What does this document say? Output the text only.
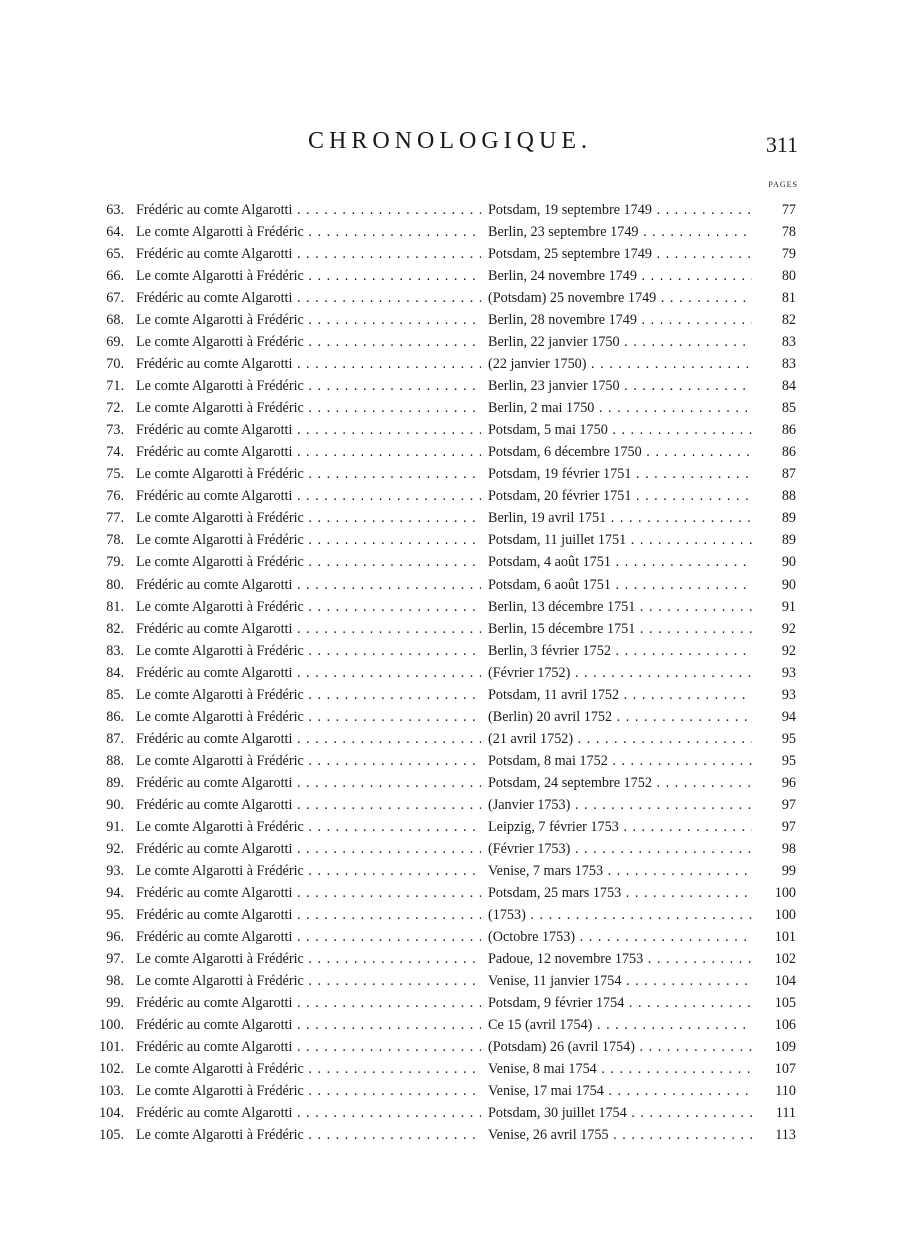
CHRONOLOGIQUE.	311
PAGES
63. Frédéric au comte Algarotti . . .	Potsdam, 19 septembre 1749 . . .	77
64. Le comte Algarotti à Frédéric . . .	Berlin, 23 septembre 1749 . . .	78
65. Frédéric au comte Algarotti . . .	Potsdam, 25 septembre 1749 . . .	79
66. Le comte Algarotti à Frédéric . . .	Berlin, 24 novembre 1749 . . .	80
67. Frédéric au comte Algarotti . . .	(Potsdam) 25 novembre 1749 . . .	81
68. Le comte Algarotti à Frédéric . . .	Berlin, 28 novembre 1749 . . .	82
69. Le comte Algarotti à Frédéric . . .	Berlin, 22 janvier 1750 . . .	83
70. Frédéric au comte Algarotti . . .	(22 janvier 1750) . . .	83
71. Le comte Algarotti à Frédéric . . .	Berlin, 23 janvier 1750 . . .	84
72. Le comte Algarotti à Frédéric . . .	Berlin, 2 mai 1750 . . .	85
73. Frédéric au comte Algarotti . . .	Potsdam, 5 mai 1750 . . .	86
74. Frédéric au comte Algarotti . . .	Potsdam, 6 décembre 1750 . . .	86
75. Le comte Algarotti à Frédéric . . .	Potsdam, 19 février 1751 . . .	87
76. Frédéric au comte Algarotti . . .	Potsdam, 20 février 1751 . . .	88
77. Le comte Algarotti à Frédéric . . .	Berlin, 19 avril 1751 . . .	89
78. Le comte Algarotti à Frédéric . . .	Potsdam, 11 juillet 1751 . . .	89
79. Le comte Algarotti à Frédéric . . .	Potsdam, 4 août 1751 . . .	90
80. Frédéric au comte Algarotti . . .	Potsdam, 6 août 1751 . . .	90
81. Le comte Algarotti à Frédéric . . .	Berlin, 13 décembre 1751 . . .	91
82. Frédéric au comte Algarotti . . .	Berlin, 15 décembre 1751 . . .	92
83. Le comte Algarotti à Frédéric . . .	Berlin, 3 février 1752 . . .	92
84. Frédéric au comte Algarotti . . .	(Février 1752) . . .	93
85. Le comte Algarotti à Frédéric . . .	Potsdam, 11 avril 1752 . . .	93
86. Le comte Algarotti à Frédéric . . .	(Berlin) 20 avril 1752 . . .	94
87. Frédéric au comte Algarotti . . .	(21 avril 1752) . . .	95
88. Le comte Algarotti à Frédéric . . .	Potsdam, 8 mai 1752 . . .	95
89. Frédéric au comte Algarotti . . .	Potsdam, 24 septembre 1752 . . .	96
90. Frédéric au comte Algarotti . . .	(Janvier 1753) . . .	97
91. Le comte Algarotti à Frédéric . . .	Leipzig, 7 février 1753 . . .	97
92. Frédéric au comte Algarotti . . .	(Février 1753) . . .	98
93. Le comte Algarotti à Frédéric . . .	Venise, 7 mars 1753 . . .	99
94. Frédéric au comte Algarotti . . .	Potsdam, 25 mars 1753 . . .	100
95. Frédéric au comte Algarotti . . .	(1753) . . .	100
96. Frédéric au comte Algarotti . . .	(Octobre 1753) . . .	101
97. Le comte Algarotti à Frédéric . . .	Padoue, 12 novembre 1753 . . .	102
98. Le comte Algarotti à Frédéric . . .	Venise, 11 janvier 1754 . . .	104
99. Frédéric au comte Algarotti . . .	Potsdam, 9 février 1754 . . .	105
100. Frédéric au comte Algarotti . . .	Ce 15 (avril 1754) . . .	106
101. Frédéric au comte Algarotti . . .	(Potsdam) 26 (avril 1754) . . .	109
102. Le comte Algarotti à Frédéric . . .	Venise, 8 mai 1754 . . .	107
103. Le comte Algarotti à Frédéric . . .	Venise, 17 mai 1754 . . .	110
104. Frédéric au comte Algarotti . . .	Potsdam, 30 juillet 1754 . . .	111
105. Le comte Algarotti à Frédéric . . .	Venise, 26 avril 1755 . . .	113
